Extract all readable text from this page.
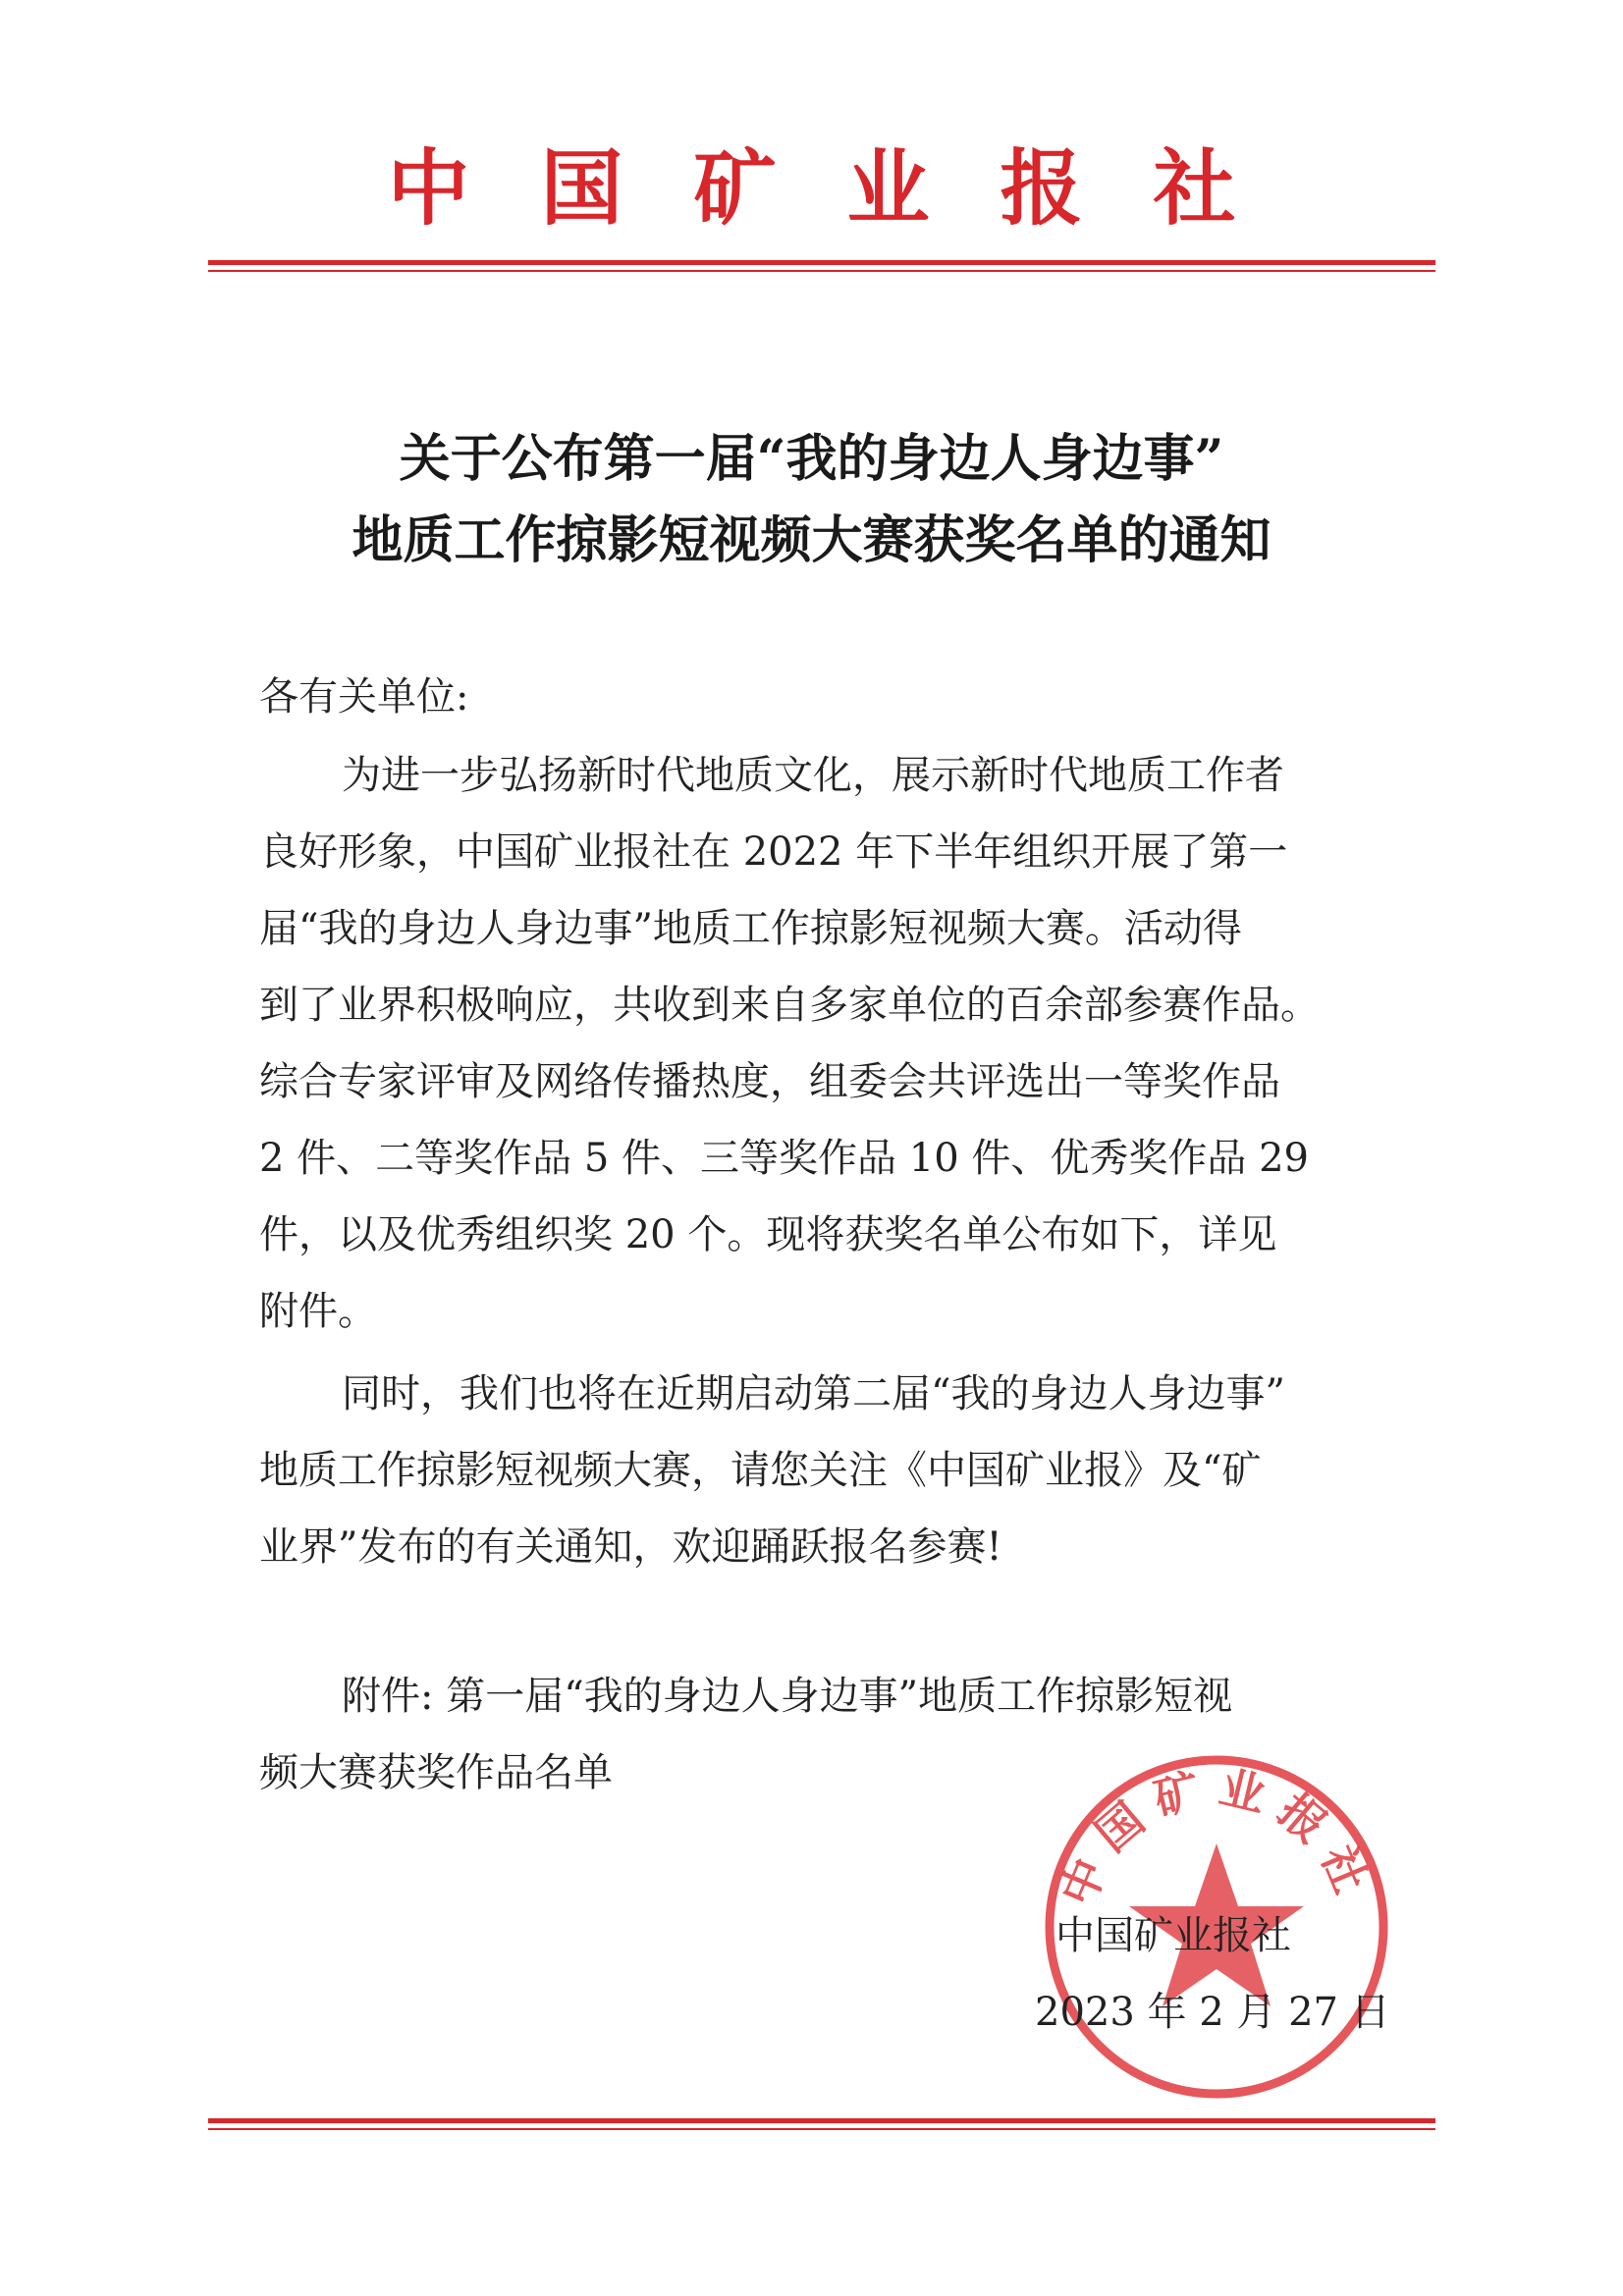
中国矿业报社
关于公布第一届“我的身边人身边事”
地质工作掠影短视频大赛获奖名单的通知
各有关单位:
为进一步弘扬新时代地质文化，展示新时代地质工作者
良好形象，中国矿业报社在 2022 年下半年组织开展了第一
届“我的身边人身边事”地质工作掠影短视频大赛。活动得
到了业界积极响应，共收到来自多家单位的百余部参赛作品。
综合专家评审及网络传播热度，组委会共评选出一等奖作品
2 件、二等奖作品 5 件、三等奖作品 10 件、优秀奖作品 29
件，以及优秀组织奖 20 个。现将获奖名单公布如下，详见
附件。
同时，我们也将在近期启动第二届“我的身边人身边事”
地质工作掠影短视频大赛，请您关注《中国矿业报》及“矿
业界”发布的有关通知，欢迎踊跃报名参赛!
附件: 第一届“我的身边人身边事”地质工作掠影短视
频大赛获奖作品名单
中国矿业报社
中国矿业报社
2023 年 2 月 27 日
